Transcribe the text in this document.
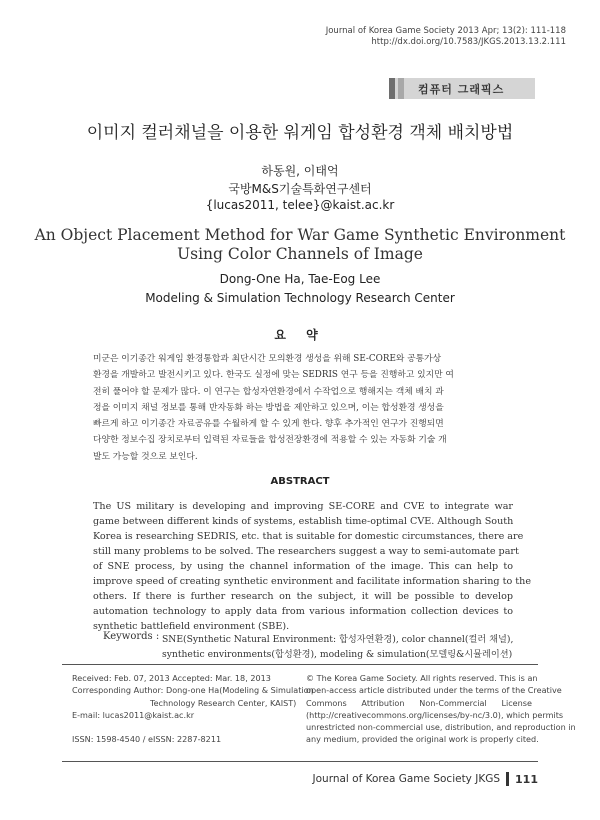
Journal of Korea Game Society 2013 Apr; 13(2): 111-118
http://dx.doi.org/10.7583/JKGS.2013.13.2.111
컴퓨터 그래픽스
이미지 컬러채널을 이용한 워게임 합성환경 객체 배치방법
하동원, 이태억
국방M&S기술특화연구센터
{lucas2011, telee}@kaist.ac.kr
An Object Placement Method for War Game Synthetic Environment
Using Color Channels of Image
Dong-One Ha, Tae-Eog Lee
Modeling & Simulation Technology Research Center
요 약
미군은 이기종간 워게임 환경통합과 최단시간 모의환경 생성을 위해 SE-CORE와 공통가상
환경을 개발하고 발전시키고 있다. 한국도 실정에 맞는 SEDRIS 연구 등을 진행하고 있지만 여
전히 풀어야 할 문제가 많다. 이 연구는 합성자연환경에서 수작업으로 행해지는 객체 배치 과
정을 이미지 채널 정보를 통해 반자동화 하는 방법을 제안하고 있으며, 이는 합성환경 생성을
빠르게 하고 이기종간 자료공유를 수월하게 할 수 있게 한다. 향후 추가적인 연구가 진행되면
다양한 정보수집 장치로부터 입력된 자료들을 합성전장환경에 적용할 수 있는 자동화 기술 개
발도 가능할 것으로 보인다.
ABSTRACT
The US military is developing and improving SE-CORE and CVE to integrate war
game between different kinds of systems, establish time-optimal CVE. Although South
Korea is researching SEDRIS, etc. that is suitable for domestic circumstances, there are
still many problems to be solved. The researchers suggest a way to semi-automate part
of SNE process, by using the channel information of the image. This can help to
improve speed of creating synthetic environment and facilitate information sharing to the
others. If there is further research on the subject, it will be possible to develop
automation technology to apply data from various information collection devices to
synthetic battlefield environment (SBE).
Keywords : SNE(Synthetic Natural Environment: 합성자연환경), color channel(컬러 채널),
synthetic environments(합성환경), modeling & simulation(모델링&시뮬레이션)
Received: Feb. 07, 2013 Accepted: Mar. 18, 2013
Corresponding Author: Dong-one Ha(Modeling & Simulation
Technology Research Center, KAIST)
E-mail: lucas2011@kaist.ac.kr
ISSN: 1598-4540 / eISSN: 2287-8211
© The Korea Game Society. All rights reserved. This is an
open-access article distributed under the terms of the Creative
Commons Attribution Non-Commercial License
(http://creativecommons.org/licenses/by-nc/3.0), which permits
unrestricted non-commercial use, distribution, and reproduction in
any medium, provided the original work is properly cited.
Journal of Korea Game Society JKGS 111
